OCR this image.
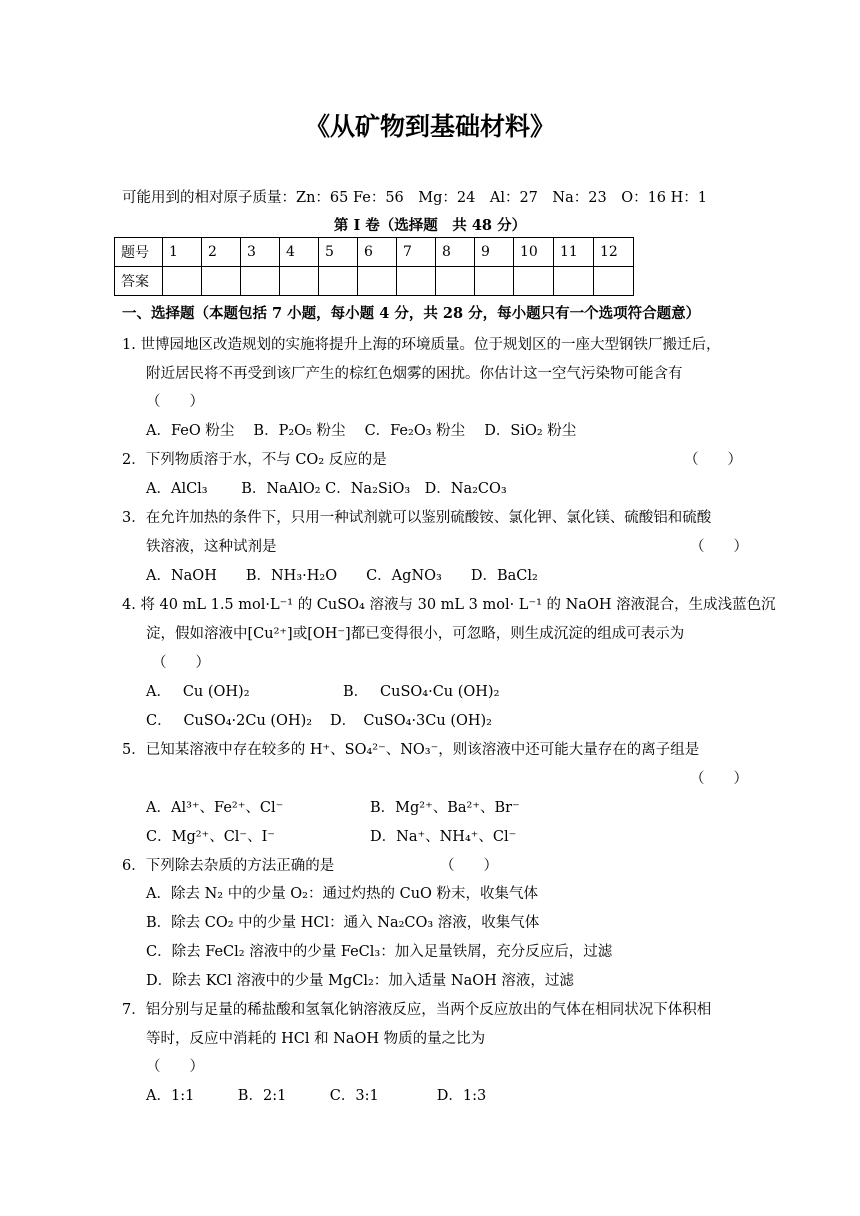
《从矿物到基础材料》
可能用到的相对原子质量：Zn：65 Fe：56　Mg：24　Al：27　Na：23　O：16 H：1
第 I 卷（选择题　共 48 分）
题号	1	2	3	4	5	6	7	8	9	10	11	12
答案												
一、选择题（本题包括 7 小题，每小题 4 分，共 28 分，每小题只有一个选项符合题意）
1. 世博园地区改造规划的实施将提升上海的环境质量。位于规划区的一座大型钢铁厂搬迁后，
附近居民将不再受到该厂产生的棕红色烟雾的困扰。你估计这一空气污染物可能含有
（　　）
A．FeO 粉尘　 B．P₂O₅ 粉尘　 C．Fe₂O₃ 粉尘　 D．SiO₂ 粉尘
2．下列物质溶于水，不与 CO₂ 反应的是	（　　）
A．AlCl₃　　 B．NaAlO₂ C．Na₂SiO₃　D．Na₂CO₃
3．在允许加热的条件下，只用一种试剂就可以鉴别硫酸铵、氯化钾、氯化镁、硫酸铝和硫酸
铁溶液，这种试剂是	（　　）
A．NaOH　　B．NH₃·H₂O　　C．AgNO₃　　D．BaCl₂
4. 将 40 mL 1.5 mol·L⁻¹ 的 CuSO₄ 溶液与 30 mL 3 mol· L⁻¹ 的 NaOH 溶液混合，生成浅蓝色沉
淀，假如溶液中[Cu²⁺]或[OH⁻]都已变得很小，可忽略，则生成沉淀的组成可表示为
（　　）
A．　 Cu (OH)₂	B．　 CuSO₄·Cu (OH)₂
C．　 CuSO₄·2Cu (OH)₂ D．　CuSO₄·3Cu (OH)₂
5．已知某溶液中存在较多的 H⁺、SO₄²⁻、NO₃⁻，则该溶液中还可能大量存在的离子组是
（　　）
A．Al³⁺、Fe²⁺、Cl⁻	B．Mg²⁺、Ba²⁺、Br⁻
C．Mg²⁺、Cl⁻、I⁻	D．Na⁺、NH₄⁺、Cl⁻
6．下列除去杂质的方法正确的是	（　　）
A．除去 N₂ 中的少量 O₂：通过灼热的 CuO 粉末，收集气体
B．除去 CO₂ 中的少量 HCl：通入 Na₂CO₃ 溶液，收集气体
C．除去 FeCl₂ 溶液中的少量 FeCl₃：加入足量铁屑，充分反应后，过滤
D．除去 KCl 溶液中的少量 MgCl₂：加入适量 NaOH 溶液，过滤
7．铝分别与足量的稀盐酸和氢氧化钠溶液反应，当两个反应放出的气体在相同状况下体积相
等时，反应中消耗的 HCl 和 NaOH 物质的量之比为
（　　）
A．1:1　　　B．2:1　　　C．3:1　　　　D．1:3
